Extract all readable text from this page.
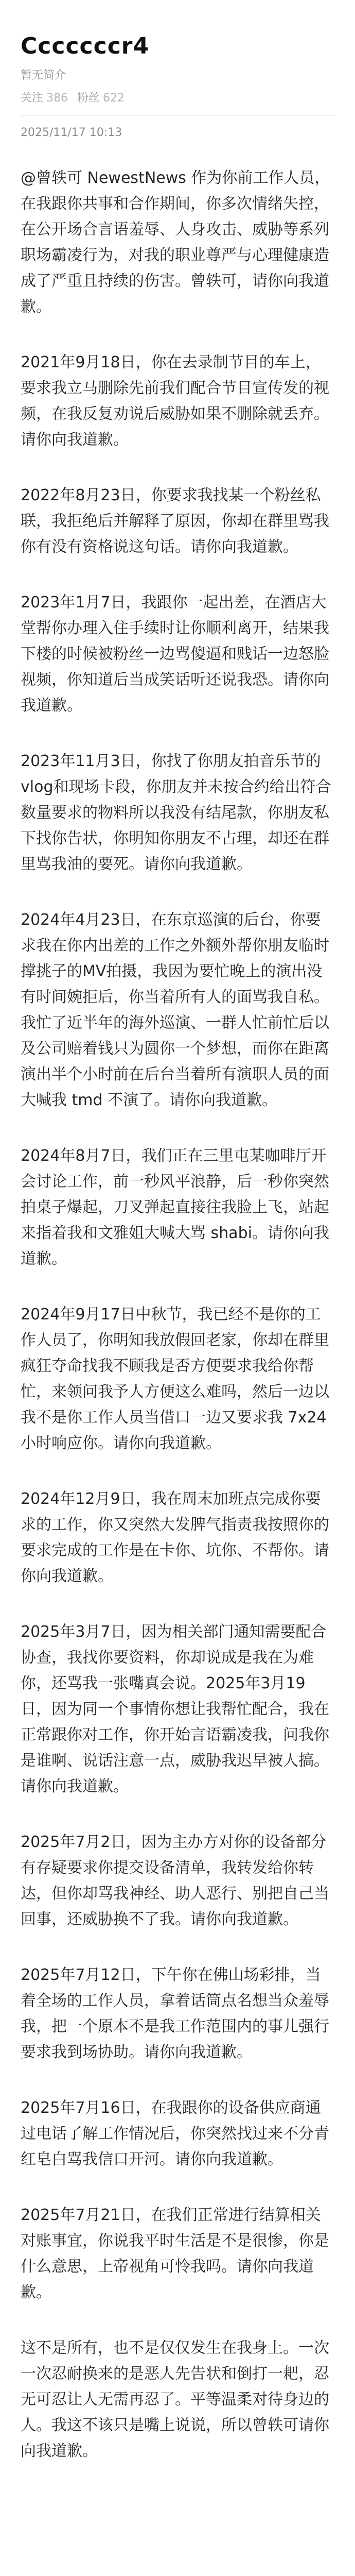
Cccccccr4
暂无简介
关注 386 粉丝 622
2025/11/17 10:13

@曾轶可 NewestNews 作为你前工作人员，在我跟你共事和合作期间，你多次情绪失控，在公开场合言语羞辱、人身攻击、威胁等系列职场霸凌行为，对我的职业尊严与心理健康造成了严重且持续的伤害。曾轶可，请你向我道歉。

2021年9月18日，你在去录制节目的车上，要求我立马删除先前我们配合节目宣传发的视频，在我反复劝说后威胁如果不删除就丢弃。请你向我道歉。

2022年8月23日，你要求我找某一个粉丝私联，我拒绝后并解释了原因，你却在群里骂我你有没有资格说这句话。请你向我道歉。

2023年1月7日，我跟你一起出差，在酒店大堂帮你办理入住手续时让你顺利离开，结果我下楼的时候被粉丝一边骂傻逼和贱话一边怒脸视频，你知道后当成笑话听还说我恐。请你向我道歉。

2023年11月3日，你找了你朋友拍音乐节的 vlog和现场卡段，你朋友并未按合约给出符合数量要求的物料所以我没有结尾款，你朋友私下找你告状，你明知你朋友不占理，却还在群里骂我油的要死。请你向我道歉。

2024年4月23日，在东京巡演的后台，你要求我在你内出差的工作之外额外帮你朋友临时撑挑子的MV拍摄，我因为要忙晚上的演出没有时间婉拒后，你当着所有人的面骂我自私。我忙了近半年的海外巡演、一群人忙前忙后以及公司赔着钱只为圆你一个梦想，而你在距离演出半个小时前在后台当着所有演职人员的面大喊我 tmd 不演了。请你向我道歉。

2024年8月7日，我们正在三里屯某咖啡厅开会讨论工作，前一秒风平浪静，后一秒你突然拍桌子爆起，刀叉弹起直接往我脸上飞，站起来指着我和文雅姐大喊大骂 shabi。请你向我道歉。

2024年9月17日中秋节，我已经不是你的工作人员了，你明知我放假回老家，你却在群里疯狂夺命找我不顾我是否方便要求我给你帮忙，来领问我予人方便这么难吗，然后一边以我不是你工作人员当借口一边又要求我 7x24小时响应你。请你向我道歉。

2024年12月9日，我在周末加班点完成你要求的工作，你又突然大发脾气指责我按照你的要求完成的工作是在卡你、坑你、不帮你。请你向我道歉。

2025年3月7日，因为相关部门通知需要配合协查，我找你要资料，你却说成是我在为难你，还骂我一张嘴真会说。2025年3月19日，因为同一个事情你想让我帮忙配合，我在正常跟你对工作，你开始言语霸凌我，问我你是谁啊、说话注意一点，威胁我迟早被人搞。请你向我道歉。

2025年7月2日，因为主办方对你的设备部分有存疑要求你提交设备清单，我转发给你转达，但你却骂我神经、助人恶行、别把自己当回事，还威胁换不了我。请你向我道歉。

2025年7月12日，下午你在佛山场彩排，当着全场的工作人员，拿着话筒点名想当众羞辱我，把一个原本不是我工作范围内的事儿强行要求我到场协助。请你向我道歉。

2025年7月16日，在我跟你的设备供应商通过电话了解工作情况后，你突然找过来不分青红皂白骂我信口开河。请你向我道歉。

2025年7月21日，在我们正常进行结算相关对账事宜，你说我平时生活是不是很惨，你是什么意思，上帝视角可怜我吗。请你向我道歉。

这不是所有，也不是仅仅发生在我身上。一次一次忍耐换来的是恶人先告状和倒打一耙，忍无可忍让人无需再忍了。平等温柔对待身边的人。我这不该只是嘴上说说，所以曾轶可请你向我道歉。
